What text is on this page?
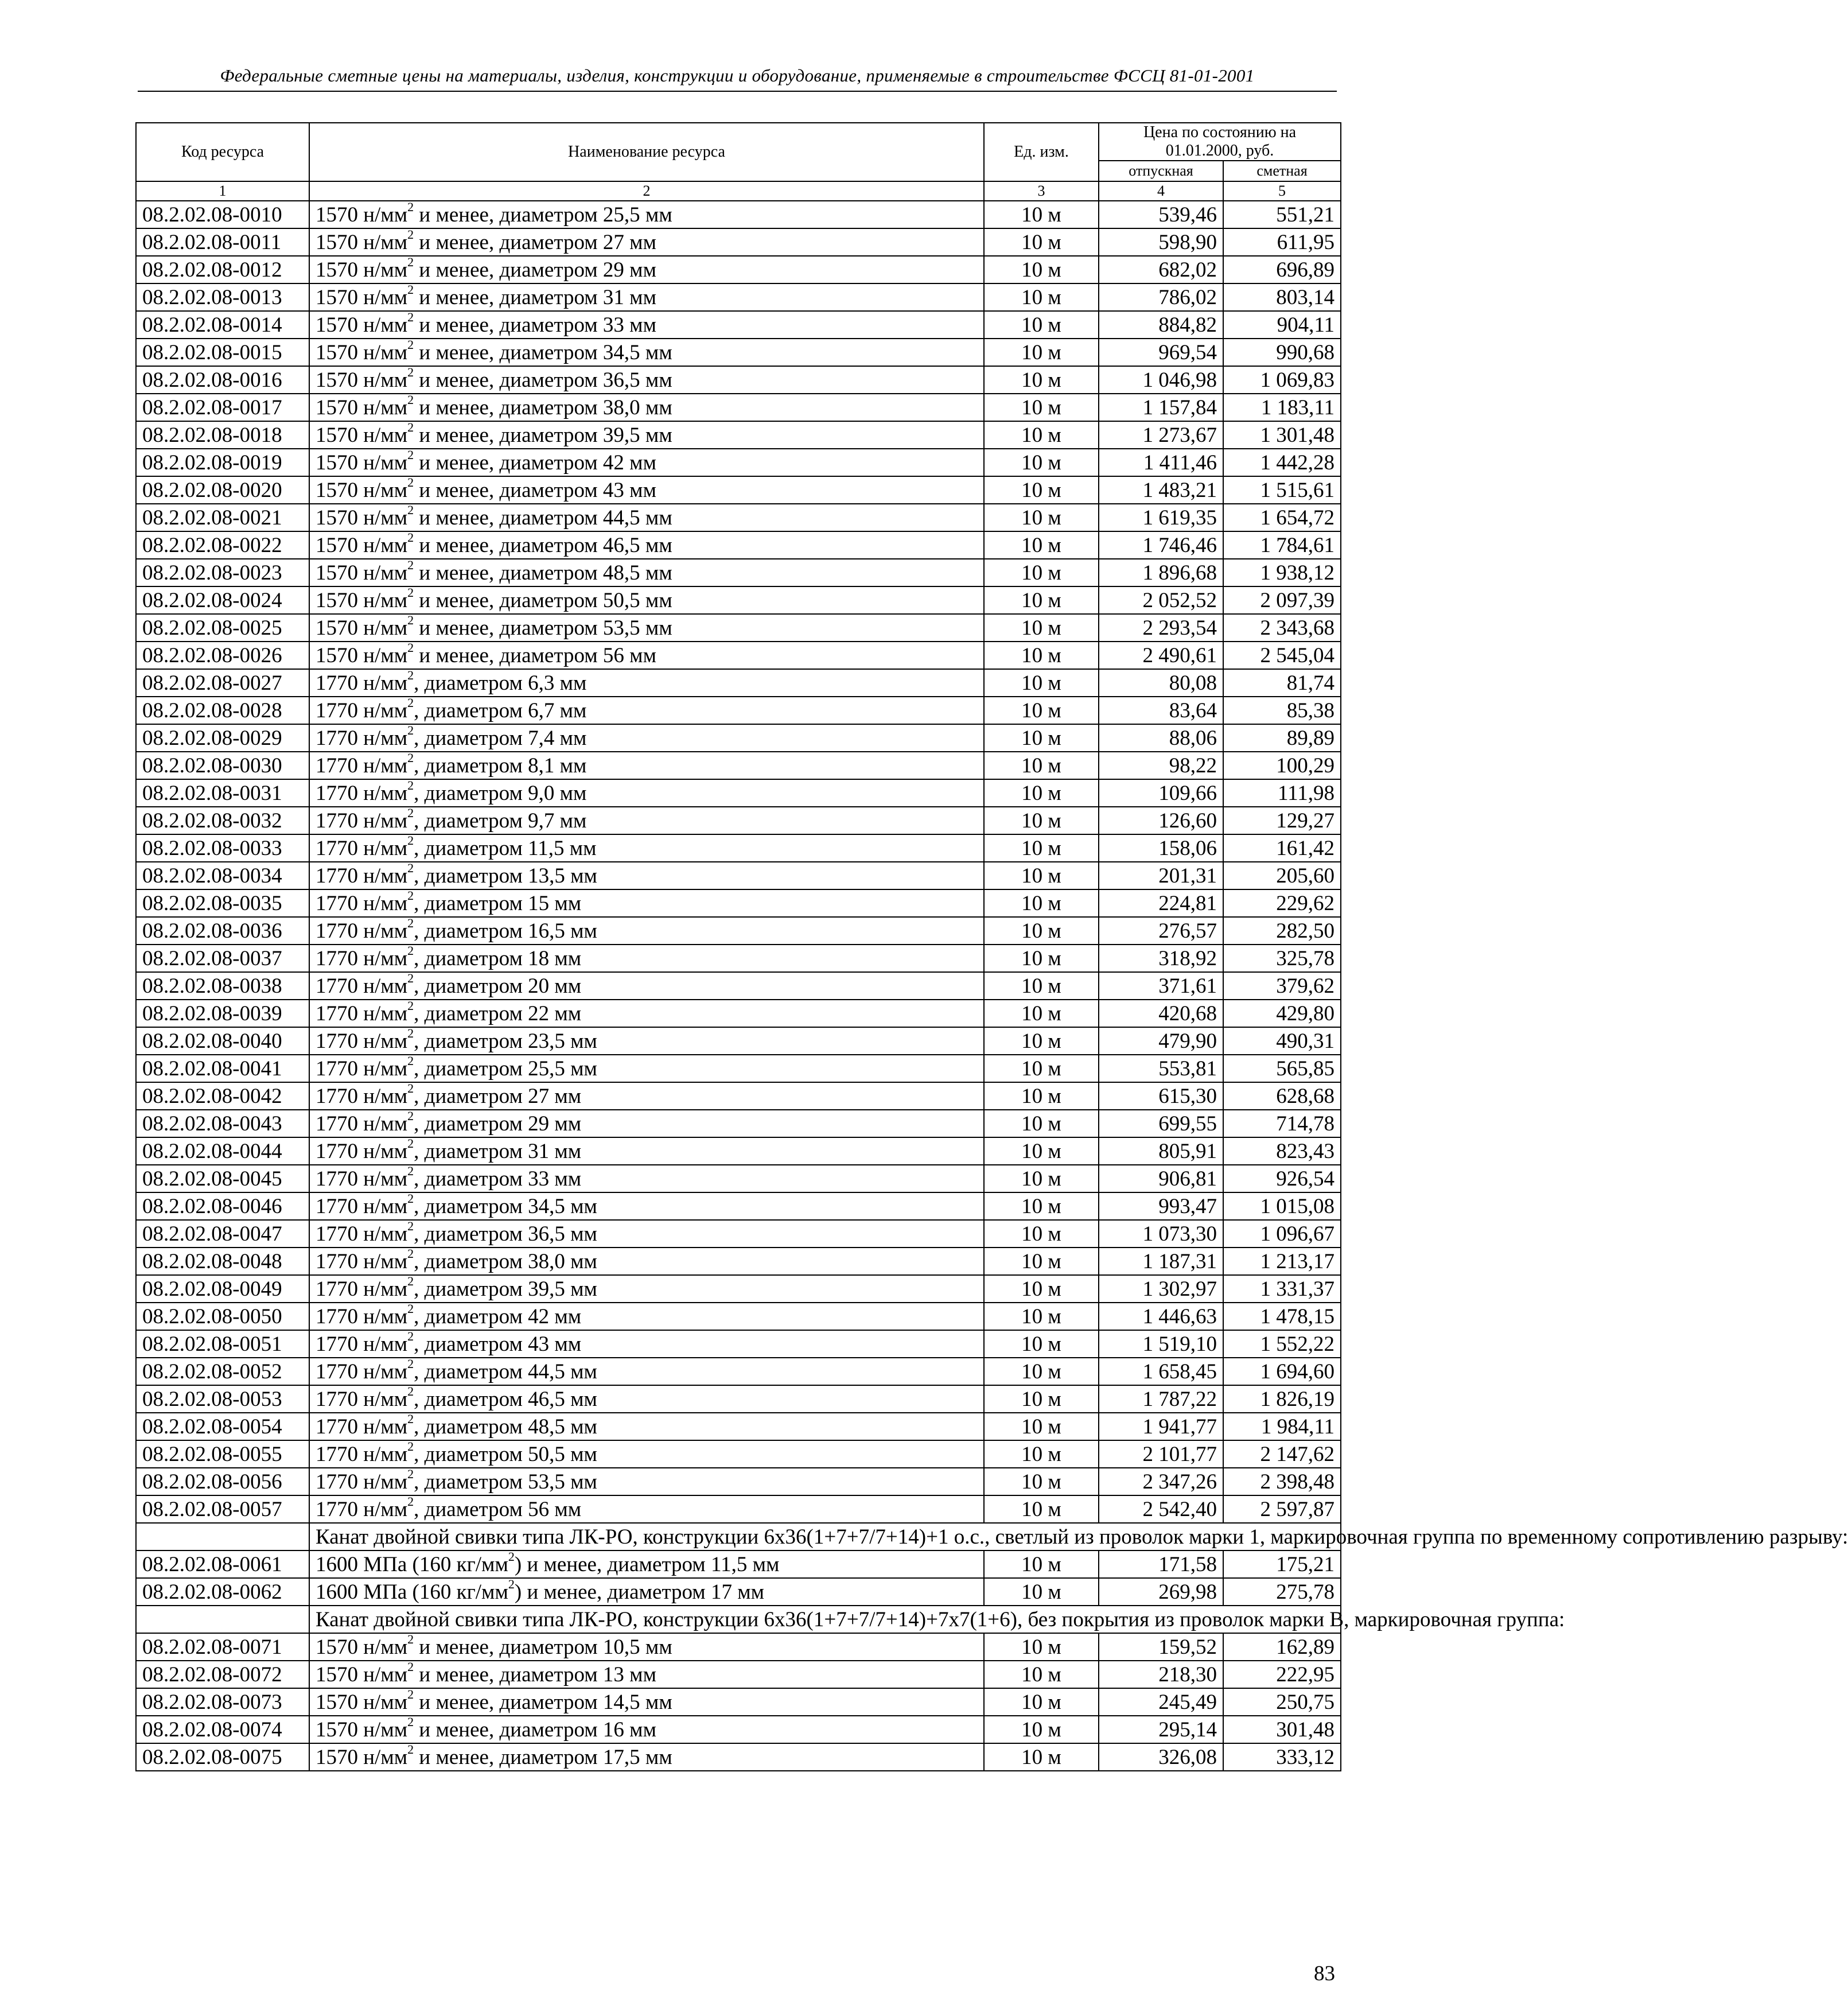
Федеральные сметные цены на материалы, изделия, конструкции и оборудование, применяемые в строительстве ФССЦ 81-01-2001
Код ресурса	Наименование ресурса	Ед. изм.	Цена по состоянию на 01.01.2000, руб.	
			отпускная	сметная
1	2	3	4	5
08.2.02.08-0010	1570 $н/мм^2$ и менее, диаметром 25,5 мм	10 м	539,46	551,21
08.2.02.08-0011	1570 $н/мм^2$ и менее, диаметром 27 мм	10 м	598,90	611,95
08.2.02.08-0012	1570 $н/мм^2$ и менее, диаметром 29 мм	10 м	682,02	696,89
08.2.02.08-0013	1570 $н/мм^2$ и менее, диаметром 31 мм	10 м	786,02	803,14
08.2.02.08-0014	1570 $н/мм^2$ и менее, диаметром 33 мм	10 м	884,82	904,11
08.2.02.08-0015	1570 $н/мм^2$ и менее, диаметром 34,5 мм	10 м	969,54	990,68
08.2.02.08-0016	1570 $н/мм^2$ и менее, диаметром 36,5 мм	10 м	1 046,98	1 069,83
08.2.02.08-0017	1570 $н/мм^2$ и менее, диаметром 38,0 мм	10 м	1 157,84	1 183,11
08.2.02.08-0018	1570 $н/мм^2$ и менее, диаметром 39,5 мм	10 м	1 273,67	1 301,48
08.2.02.08-0019	1570 $н/мм^2$ и менее, диаметром 42 мм	10 м	1 411,46	1 442,28
08.2.02.08-0020	1570 $н/мм^2$ и менее, диаметром 43 мм	10 м	1 483,21	1 515,61
08.2.02.08-0021	1570 $н/мм^2$ и менее, диаметром 44,5 мм	10 м	1 619,35	1 654,72
08.2.02.08-0022	1570 $н/мм^2$ и менее, диаметром 46,5 мм	10 м	1 746,46	1 784,61
08.2.02.08-0023	1570 $н/мм^2$ и менее, диаметром 48,5 мм	10 м	1 896,68	1 938,12
08.2.02.08-0024	1570 $н/мм^2$ и менее, диаметром 50,5 мм	10 м	2 052,52	2 097,39
08.2.02.08-0025	1570 $н/мм^2$ и менее, диаметром 53,5 мм	10 м	2 293,54	2 343,68
08.2.02.08-0026	1570 $н/мм^2$ и менее, диаметром 56 мм	10 м	2 490,61	2 545,04
08.2.02.08-0027	1770 $н/мм^2$, диаметром 6,3 мм	10 м	80,08	81,74
08.2.02.08-0028	1770 $н/мм^2$, диаметром 6,7 мм	10 м	83,64	85,38
08.2.02.08-0029	1770 $н/мм^2$, диаметром 7,4 мм	10 м	88,06	89,89
08.2.02.08-0030	1770 $н/мм^2$, диаметром 8,1 мм	10 м	98,22	100,29
08.2.02.08-0031	1770 $н/мм^2$, диаметром 9,0 мм	10 м	109,66	111,98
08.2.02.08-0032	1770 $н/мм^2$, диаметром 9,7 мм	10 м	126,60	129,27
08.2.02.08-0033	1770 $н/мм^2$, диаметром 11,5 мм	10 м	158,06	161,42
08.2.02.08-0034	1770 $н/мм^2$, диаметром 13,5 мм	10 м	201,31	205,60
08.2.02.08-0035	1770 $н/мм^2$, диаметром 15 мм	10 м	224,81	229,62
08.2.02.08-0036	1770 $н/мм^2$, диаметром 16,5 мм	10 м	276,57	282,50
08.2.02.08-0037	1770 $н/мм^2$, диаметром 18 мм	10 м	318,92	325,78
08.2.02.08-0038	1770 $н/мм^2$, диаметром 20 мм	10 м	371,61	379,62
08.2.02.08-0039	1770 $н/мм^2$, диаметром 22 мм	10 м	420,68	429,80
08.2.02.08-0040	1770 $н/мм^2$, диаметром 23,5 мм	10 м	479,90	490,31
08.2.02.08-0041	1770 $н/мм^2$, диаметром 25,5 мм	10 м	553,81	565,85
08.2.02.08-0042	1770 $н/мм^2$, диаметром 27 мм	10 м	615,30	628,68
08.2.02.08-0043	1770 $н/мм^2$, диаметром 29 мм	10 м	699,55	714,78
08.2.02.08-0044	1770 $н/мм^2$, диаметром 31 мм	10 м	805,91	823,43
08.2.02.08-0045	1770 $н/мм^2$, диаметром 33 мм	10 м	906,81	926,54
08.2.02.08-0046	1770 $н/мм^2$, диаметром 34,5 мм	10 м	993,47	1 015,08
08.2.02.08-0047	1770 $н/мм^2$, диаметром 36,5 мм	10 м	1 073,30	1 096,67
08.2.02.08-0048	1770 $н/мм^2$, диаметром 38,0 мм	10 м	1 187,31	1 213,17
08.2.02.08-0049	1770 $н/мм^2$, диаметром 39,5 мм	10 м	1 302,97	1 331,37
08.2.02.08-0050	1770 $н/мм^2$, диаметром 42 мм	10 м	1 446,63	1 478,15
08.2.02.08-0051	1770 $н/мм^2$, диаметром 43 мм	10 м	1 519,10	1 552,22
08.2.02.08-0052	1770 $н/мм^2$, диаметром 44,5 мм	10 м	1 658,45	1 694,60
08.2.02.08-0053	1770 $н/мм^2$, диаметром 46,5 мм	10 м	1 787,22	1 826,19
08.2.02.08-0054	1770 $н/мм^2$, диаметром 48,5 мм	10 м	1 941,77	1 984,11
08.2.02.08-0055	1770 $н/мм^2$, диаметром 50,5 мм	10 м	2 101,77	2 147,62
08.2.02.08-0056	1770 $н/мм^2$, диаметром 53,5 мм	10 м	2 347,26	2 398,48
08.2.02.08-0057	1770 $н/мм^2$, диаметром 56 мм	10 м	2 542,40	2 597,87
	Канат двойной свивки типа ЛК-РО, конструкции 6х36(1+7+7/7+14)+1 о.с., светлый из проволок марки 1, маркировочная группа по временному сопротивлению разрыву:			
08.2.02.08-0061	1600 МПа (160 $кг/мм^2$) и менее, диаметром 11,5 мм	10 м	171,58	175,21
08.2.02.08-0062	1600 МПа (160 $кг/мм^2$) и менее, диаметром 17 мм	10 м	269,98	275,78
	Канат двойной свивки типа ЛК-РО, конструкции 6х36(1+7+7/7+14)+7х7(1+6), без покрытия из проволок марки В, маркировочная группа:			
08.2.02.08-0071	1570 $н/мм^2$ и менее, диаметром 10,5 мм	10 м	159,52	162,89
08.2.02.08-0072	1570 $н/мм^2$ и менее, диаметром 13 мм	10 м	218,30	222,95
08.2.02.08-0073	1570 $н/мм^2$ и менее, диаметром 14,5 мм	10 м	245,49	250,75
08.2.02.08-0074	1570 $н/мм^2$ и менее, диаметром 16 мм	10 м	295,14	301,48
08.2.02.08-0075	1570 $н/мм^2$ и менее, диаметром 17,5 мм	10 м	326,08	333,12
83
